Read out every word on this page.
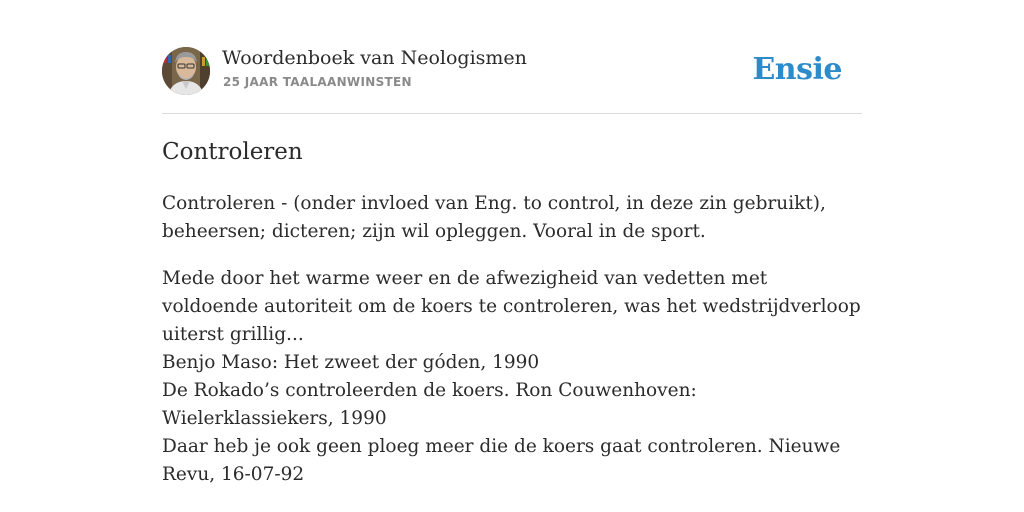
Woordenboek van Neologismen
25 JAAR TAALAANWINSTEN	Ensie
Controleren
Controleren - (onder invloed van Eng. to control, in deze zin gebruikt), beheersen; dicteren; zijn wil opleggen. Vooral in de sport.
Mede door het warme weer en de afwezigheid van vedetten met voldoende autoriteit om de koers te controleren, was het wedstrijdverloop uiterst grillig...
Benjo Maso: Het zweet der góden, 1990
De Rokado’s controleerden de koers. Ron Couwenhoven: Wielerklassiekers, 1990
Daar heb je ook geen ploeg meer die de koers gaat controleren. Nieuwe Revu, 16-07-92
